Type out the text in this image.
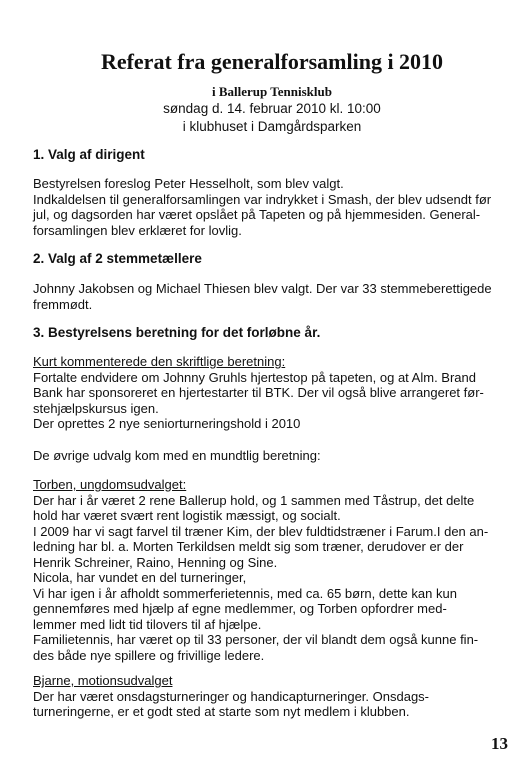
Referat fra generalforsamling i 2010

i Ballerup Tennisklub

søndag d. 14. februar 2010 kl. 10:00

i klubhuset i Damgårdsparken

1. Valg af dirigent
Bestyrelsen foreslog Peter Hesselholt, som blev valgt.
Indkaldelsen til generalforsamlingen var indrykket i Smash, der blev udsendt før
jul, og dagsorden har været opslået på Tapeten og på hjemmesiden. General-
forsamlingen blev erklæret for lovlig.
2. Valg af 2 stemmetællere
Johnny Jakobsen og Michael Thiesen blev valgt. Der var 33 stemmeberettigede
fremmødt.
3. Bestyrelsens beretning for det forløbne år.
Kurt kommenterede den skriftlige beretning:
Fortalte endvidere om Johnny Gruhls hjertestop på tapeten, og at Alm. Brand
Bank har sponsoreret en hjertestarter til BTK. Der vil også blive arrangeret før-
stehjælpskursus igen.
Der oprettes 2 nye seniorturneringshold i 2010
De øvrige udvalg kom med en mundtlig beretning:
Torben, ungdomsudvalget:
Der har i år været 2 rene Ballerup hold, og 1 sammen med Tåstrup, det delte
hold har været svært rent logistik mæssigt, og socialt.
I 2009 har vi sagt farvel til træner Kim, der blev fuldtidstræner i Farum.I den an-
ledning har bl. a. Morten Terkildsen meldt sig som træner, derudover er der
Henrik Schreiner, Raino, Henning og Sine.
Nicola, har vundet en del turneringer,
Vi har igen i år afholdt sommerferietennis, med ca. 65 børn, dette kan kun
gennemføres med hjælp af egne medlemmer, og Torben opfordrer med-
lemmer med lidt tid tilovers til af hjælpe.
Familietennis, har været op til 33 personer, der vil blandt dem også kunne fin-
des både nye spillere og frivillige ledere.
Bjarne, motionsudvalget
Der har været onsdagsturneringer og handicapturneringer. Onsdags-
turneringerne, er et godt sted at starte som nyt medlem i klubben.

13
